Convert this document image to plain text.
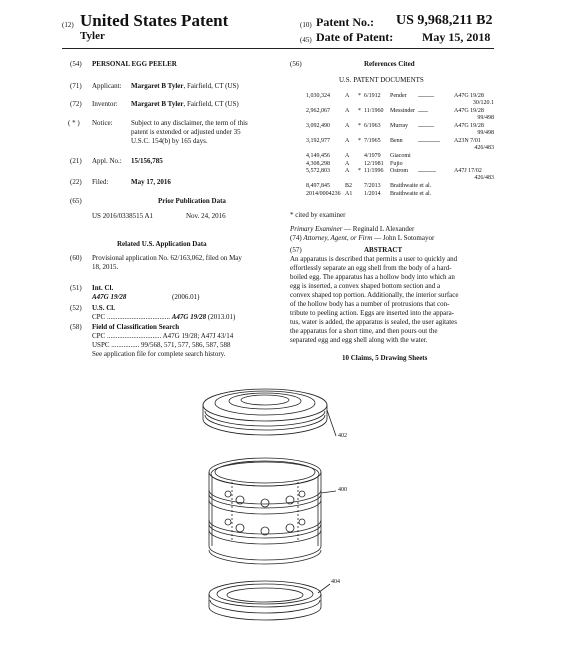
(12) United States Patent
Tyler
(10) Patent No.: US 9,968,211 B2
(45) Date of Patent: May 15, 2018
(54) PERSONAL EGG PEELER
(71) Applicant: Margaret B Tyler, Fairfield, CT (US)
(72) Inventor: Margaret B Tyler, Fairfield, CT (US)
( * ) Notice:	Subject to any disclaimer, the term of this
patent is extended or adjusted under 35
U.S.C. 154(b) by 165 days.
(21) Appl. No.: 15/156,785
(22) Filed:	May 17, 2016
(65)	Prior Publication Data
US 2016/0338515 A1	Nov. 24, 2016
Related U.S. Application Data
(60) Provisional application No. 62/163,062, filed on May
18, 2015.
(51) Int. Cl.
A47G 19/28	(2006.01)
(52) U.S. Cl.
CPC .................................... A47G 19/28 (2013.01)
(58) Field of Classification Search
CPC ............................... A47G 19/28; A47J 43/14
USPC ................ 99/568, 571, 577, 586, 587, 588
See application file for complete search history.
(56)	References Cited
U.S. PATENT DOCUMENTS
1,030,324	A * 6/1912 Pender ................	A47G 19/28
30/120.1
2,962,067	A * 11/1960 Messinder ..........	A47G 19/28
99/498
3,092,490	A * 6/1963 Murray ................	A47G 19/28
99/498
3,192,977	A * 7/1965 Benn	...................... A23N 7/01
426/483
4,149,456	A 4/1979 Giacomi
4,308,298	A 12/1981 Fujio
5,572,803	A * 11/1996 Ostrom ..................	A47J 17/02
426/483
8,497,845	B2 7/2013 Braithwaite et al.
2014/0004236 A1 1/2014 Braithwaite et al.
* cited by examiner
Primary Examiner — Reginald L Alexander
(74) Attorney, Agent, or Firm — John L Sotomayor
(57)	ABSTRACT
An apparatus is described that permits a user to quickly and
effortlessly separate an egg shell from the body of a hard-
boiled egg. The apparatus has a hollow body into which an
egg is inserted, a convex shaped bottom section and a
convex shaped top portion. Additionally, the interior surface
of the hollow body has a number of protrusions that con-
tribute to peeling action. Eggs are inserted into the appara-
tus, water is added, the apparatus is sealed, the user agitates
the apparatus for a short time, and then pours out the
separated egg and egg shell along with the water.
10 Claims, 5 Drawing Sheets
402
400
404
